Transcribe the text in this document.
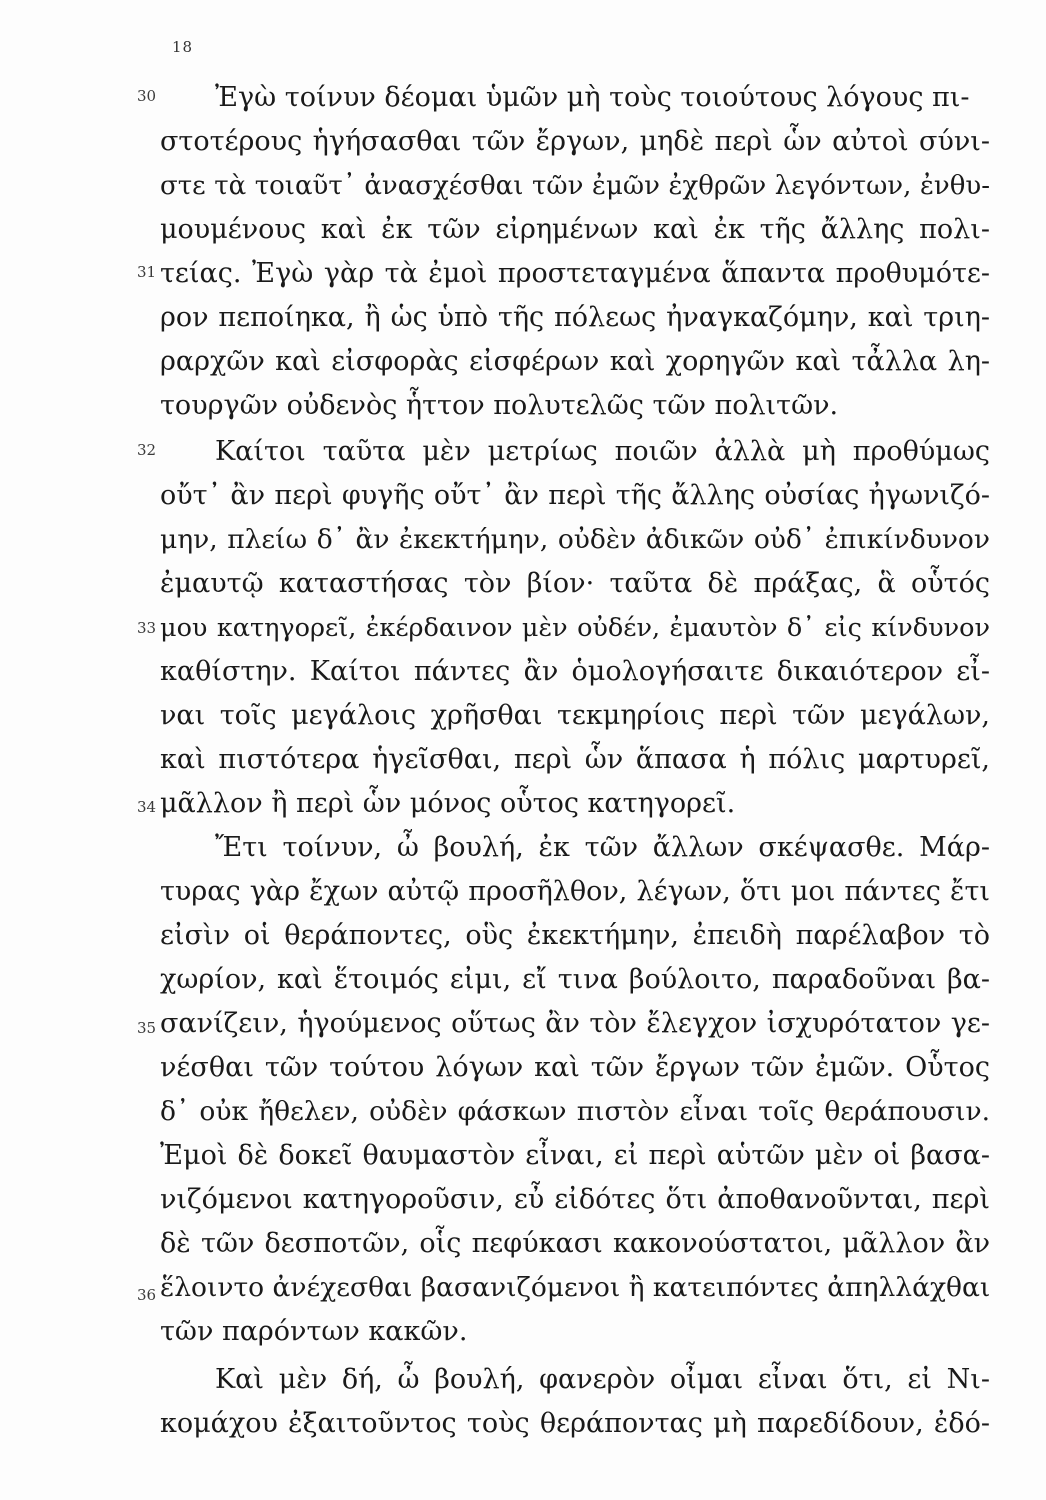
18
30
31
32
33
34
35
36
Ἐγὼ τοίνυν δέομαι ὑμῶν μὴ τοὺς τοιούτους λόγους πι-
στοτέρους ἡγήσασθαι τῶν ἔργων, μηδὲ περὶ ὧν αὐτοὶ σύνι-
στε τὰ τοιαῦτ᾽ ἀνασχέσθαι τῶν ἐμῶν ἐχθρῶν λεγόντων, ἐνθυ-
μουμένους καὶ ἐκ τῶν εἰρημένων καὶ ἐκ τῆς ἄλλης πολι-
τείας. Ἐγὼ γὰρ τὰ ἐμοὶ προστεταγμένα ἅπαντα προθυμότε-
ρον πεποίηκα, ἢ ὡς ὑπὸ τῆς πόλεως ἠναγκαζόμην, καὶ τριη-
ραρχῶν καὶ εἰσφορὰς εἰσφέρων καὶ χορηγῶν καὶ τἆλλα λη-
τουργῶν οὐδενὸς ἧττον πολυτελῶς τῶν πολιτῶν.
Καίτοι ταῦτα μὲν μετρίως ποιῶν ἀλλὰ μὴ προθύμως
οὔτ᾽ ἂν περὶ φυγῆς οὔτ᾽ ἂν περὶ τῆς ἄλλης οὐσίας ἠγωνιζό-
μην, πλείω δ᾽ ἂν ἐκεκτήμην, οὐδὲν ἀδικῶν οὐδ᾽ ἐπικίνδυνον
ἐμαυτῷ καταστήσας τὸν βίον· ταῦτα δὲ πράξας, ἃ οὗτός
μου κατηγορεῖ, ἐκέρδαινον μὲν οὐδέν, ἐμαυτὸν δ᾽ εἰς κίνδυνον
καθίστην. Καίτοι πάντες ἂν ὁμολογήσαιτε δικαιότερον εἶ-
ναι τοῖς μεγάλοις χρῆσθαι τεκμηρίοις περὶ τῶν μεγάλων,
καὶ πιστότερα ἡγεῖσθαι, περὶ ὧν ἅπασα ἡ πόλις μαρτυρεῖ,
μᾶλλον ἢ περὶ ὧν μόνος οὗτος κατηγορεῖ.
Ἔτι τοίνυν, ὦ βουλή, ἐκ τῶν ἄλλων σκέψασθε. Μάρ-
τυρας γὰρ ἔχων αὐτῷ προσῆλθον, λέγων, ὅτι μοι πάντες ἔτι
εἰσὶν οἱ θεράποντες, οὓς ἐκεκτήμην, ἐπειδὴ παρέλαβον τὸ
χωρίον, καὶ ἕτοιμός εἰμι, εἴ τινα βούλοιτο, παραδοῦναι βα-
σανίζειν, ἡγούμενος οὕτως ἂν τὸν ἔλεγχον ἰσχυρότατον γε-
νέσθαι τῶν τούτου λόγων καὶ τῶν ἔργων τῶν ἐμῶν. Οὗτος
δ᾽ οὐκ ἤθελεν, οὐδὲν φάσκων πιστὸν εἶναι τοῖς θεράπουσιν.
Ἐμοὶ δὲ δοκεῖ θαυμαστὸν εἶναι, εἰ περὶ αὑτῶν μὲν οἱ βασα-
νιζόμενοι κατηγοροῦσιν, εὖ εἰδότες ὅτι ἀποθανοῦνται, περὶ
δὲ τῶν δεσποτῶν, οἷς πεφύκασι κακονούστατοι, μᾶλλον ἂν
ἕλοιντο ἀνέχεσθαι βασανιζόμενοι ἢ κατειπόντες ἀπηλλάχθαι
τῶν παρόντων κακῶν.
Καὶ μὲν δή, ὦ βουλή, φανερὸν οἶμαι εἶναι ὅτι, εἰ Νι-
κομάχου ἐξαιτοῦντος τοὺς θεράποντας μὴ παρεδίδουν, ἐδό-
